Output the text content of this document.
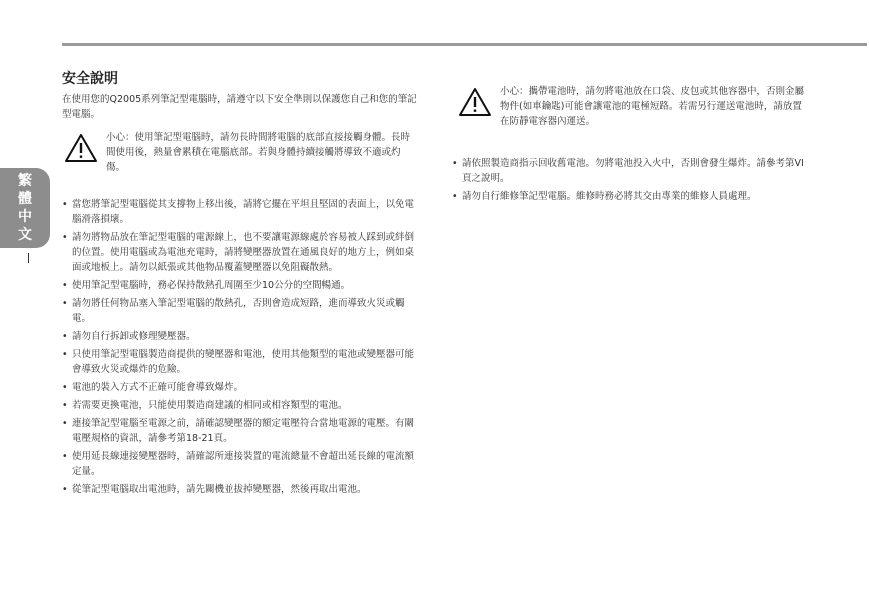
安全說明
繁
體
中
文

在使用您的Q2005系列筆記型電腦時，請遵守以下安全準則以保護您自己和您的筆記型電腦。

小心：使用筆記型電腦時，請勿長時間將電腦的底部直接接觸身體。長時間使用後，熱量會累積在電腦底部。若與身體持續接觸將導致不適或灼傷。
• 當您將筆記型電腦從其支撐物上移出後，請將它擺在平坦且堅固的表面上，以免電腦滑落損壞。
• 請勿將物品放在筆記型電腦的電源線上，也不要讓電源線處於容易被人踩到或絆倒的位置。使用電腦或為電池充電時，請將變壓器放置在通風良好的地方上，例如桌面或地板上。請勿以紙張或其他物品覆蓋變壓器以免阻礙散熱。
• 使用筆記型電腦時，務必保持散熱孔周圍至少10公分的空間暢通。
• 請勿將任何物品塞入筆記型電腦的散熱孔，否則會造成短路，進而導致火災或觸電。
• 請勿自行拆卸或修理變壓器。
• 只使用筆記型電腦製造商提供的變壓器和電池，使用其他類型的電池或變壓器可能會導致火災或爆炸的危險。
• 電池的裝入方式不正確可能會導致爆炸。
• 若需要更換電池，只能使用製造商建議的相同或相容類型的電池。
• 連接筆記型電腦至電源之前，請確認變壓器的額定電壓符合當地電源的電壓。有關電壓規格的資訊，請參考第18-21頁。
• 使用延長線連接變壓器時，請確認所連接裝置的電流總量不會超出延長線的電流額定量。
• 從筆記型電腦取出電池時，請先關機並拔掉變壓器，然後再取出電池。
小心：攜帶電池時，請勿將電池放在口袋、皮包或其他容器中，否則金屬物件(如車鑰匙)可能會讓電池的電極短路。若需另行運送電池時，請放置在防靜電容器內運送。
• 請依照製造商指示回收舊電池。勿將電池投入火中，否則會發生爆炸。請參考第VI頁之說明。
• 請勿自行維修筆記型電腦。維修時務必將其交由專業的維修人員處理。
